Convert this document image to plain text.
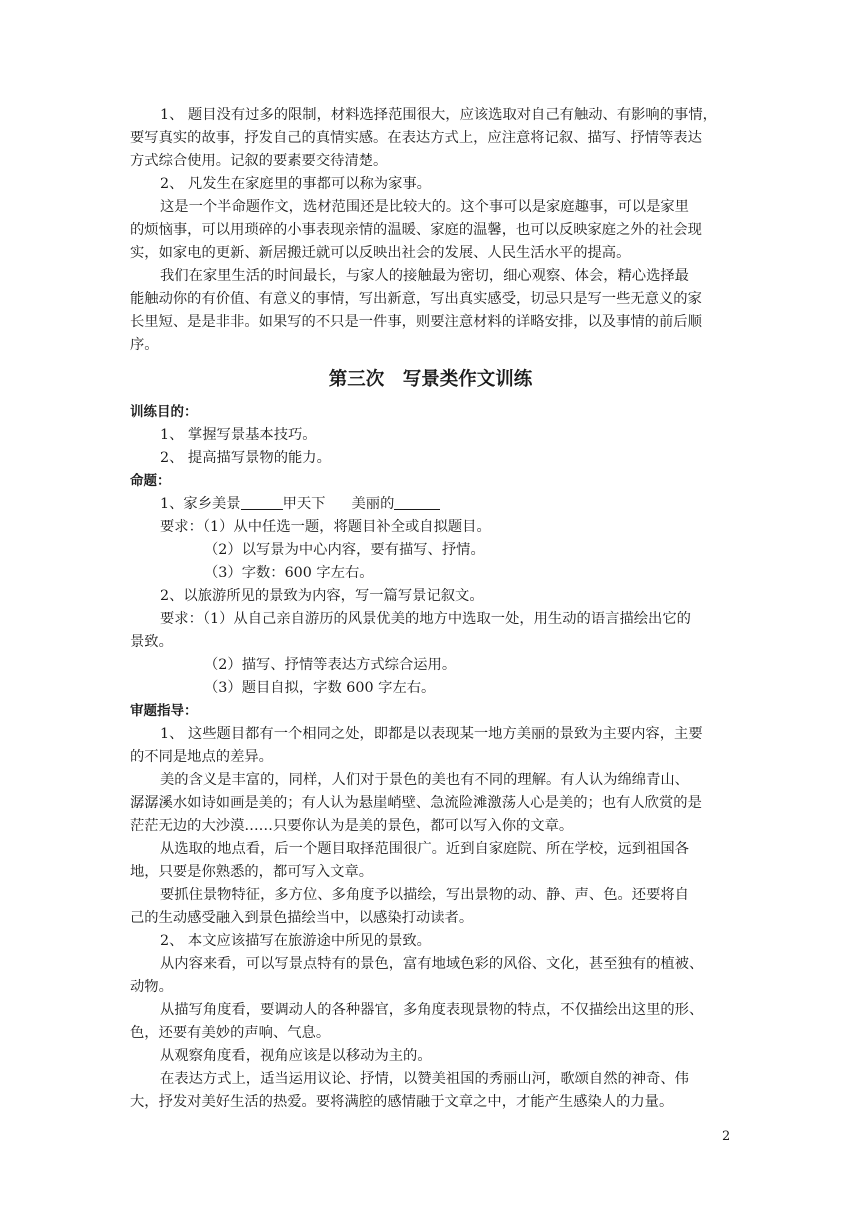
1、 题目没有过多的限制，材料选择范围很大，应该选取对自己有触动、有影响的事情，
要写真实的故事，抒发自己的真情实感。在表达方式上，应注意将记叙、描写、抒情等表达
方式综合使用。记叙的要素要交待清楚。
2、 凡发生在家庭里的事都可以称为家事。
这是一个半命题作文，选材范围还是比较大的。这个事可以是家庭趣事，可以是家里
的烦恼事，可以用琐碎的小事表现亲情的温暖、家庭的温馨，也可以反映家庭之外的社会现
实，如家电的更新、新居搬迁就可以反映出社会的发展、人民生活水平的提高。
我们在家里生活的时间最长，与家人的接触最为密切，细心观察、体会，精心选择最
能触动你的有价值、有意义的事情，写出新意，写出真实感受，切忌只是写一些无意义的家
长里短、是是非非。如果写的不只是一件事，则要注意材料的详略安排，以及事情的前后顺
序。
第三次　写景类作文训练
训练目的：
1、 掌握写景基本技巧。
2、 提高描写景物的能力。
命题：
1、家乡美景	甲天下 美丽的
要求：（1）从中任选一题，将题目补全或自拟题目。
（2）以写景为中心内容，要有描写、抒情。
（3）字数：600 字左右。
2、以旅游所见的景致为内容，写一篇写景记叙文。
要求：（1）从自己亲自游历的风景优美的地方中选取一处，用生动的语言描绘出它的
景致。
（2）描写、抒情等表达方式综合运用。
（3）题目自拟，字数 600 字左右。
审题指导：
1、 这些题目都有一个相同之处，即都是以表现某一地方美丽的景致为主要内容，主要
的不同是地点的差异。
美的含义是丰富的，同样，人们对于景色的美也有不同的理解。有人认为绵绵青山、
潺潺溪水如诗如画是美的；有人认为悬崖峭壁、急流险滩激荡人心是美的；也有人欣赏的是
茫茫无边的大沙漠……只要你认为是美的景色，都可以写入你的文章。
从选取的地点看，后一个题目取择范围很广。近到自家庭院、所在学校，远到祖国各
地，只要是你熟悉的，都可写入文章。
要抓住景物特征，多方位、多角度予以描绘，写出景物的动、静、声、色。还要将自
己的生动感受融入到景色描绘当中，以感染打动读者。
2、 本文应该描写在旅游途中所见的景致。
从内容来看，可以写景点特有的景色，富有地域色彩的风俗、文化，甚至独有的植被、
动物。
从描写角度看，要调动人的各种器官，多角度表现景物的特点，不仅描绘出这里的形、
色，还要有美妙的声响、气息。
从观察角度看，视角应该是以移动为主的。
在表达方式上，适当运用议论、抒情，以赞美祖国的秀丽山河，歌颂自然的神奇、伟
大，抒发对美好生活的热爱。要将满腔的感情融于文章之中，才能产生感染人的力量。
2
